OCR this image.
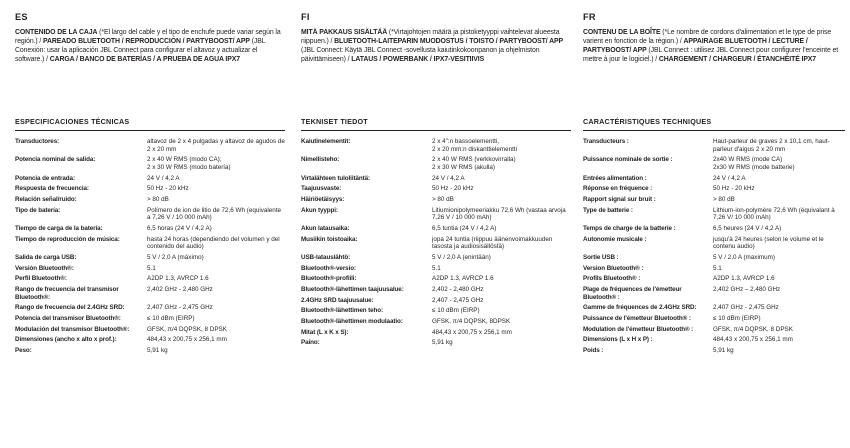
ES

CONTENIDO DE LA CAJA (*El largo del cable y el tipo de enchufe puede variar según la región.) / PAREADO BLUETOOTH / REPRODUCCIÓN / PARTYBOOST/ APP (JBL Conexión: usar la aplicación JBL Connect para configurar el altavoz y actualizar el software.) / CARGA / BANCO DE BATERÍAS / A PRUEBA DE AGUA IPX7

ESPECIFICACIONES TÉCNICAS
Transductores:	altavoz de 2 x 4 pulgadas y altavoz de agudos de 2 x 20 mm
Potencia nominal de salida:	2 x 40 W RMS (modo CA);
2 x 30 W RMS (modo batería)
Potencia de entrada:	24 V / 4,2 A
Respuesta de frecuencia:	50 Hz - 20 kHz
Relación señal/ruido:	> 80 dB
Tipo de batería:	Polímero de ion de litio de 72,6 Wh (equivalente a 7,26 V / 10 000 mAh)
Tiempo de carga de la batería:	6,5 horas (24 V / 4,2 A)
Tiempo de reproducción de música:	hasta 24 horas (dependiendo del volumen y del contenido del audio)
Salida de carga USB:	5 V / 2,0 A (máximo)
Versión Bluetooth®:	5.1
Perfil Bluetooth®:	A2DP 1.3, AVRCP 1.6
Rango de frecuencia del transmisor Bluetooth®:	2,402 GHz - 2,480 GHz
Rango de frecuencia del 2.4GHz SRD:	2,407 GHz - 2,475 GHz
Potencia del transmisor Bluetooth®:	≤ 10 dBm (EIRP)
Modulación del transmisor Bluetooth®:	GFSK, π/4 DQPSK, 8 DPSK
Dimensiones (ancho x alto x prof.):	484,43 x 200,75 x 256,1 mm
Peso:	5,91 kg
FI

MITÄ PAKKAUS SISÄLTÄÄ (*Virtajohtojen määrä ja pistoketyyppi vaihtelevat alueesta riippuen.) / BLUETOOTH-LAITEPARIN MUODOSTUS / TOISTO / PARTYBOOST/ APP (JBL Connect: Käytä JBL Connect -sovellusta kaiutinkokoonpanon ja ohjelmiston päivittämiseen) / LATAUS / POWERBANK / IPX7-VESITIIVIS

TEKNISET TIEDOT
Kaiutinelementit:	2 x 4":n bassoelementti,
2 x 20 mm:n diskanttielementti
Nimellisteho:	2 x 40 W RMS (verkkovirralla)
2 x 30 W RMS (akulla)
Virtalähteen tuloliitäntä:	24 V / 4,2 A
Taajuusvaste:	50 Hz - 20 kHz
Häiriöetäisyys:	> 80 dB
Akun tyyppi:	Litiumionipolymeeriakku 72,6 Wh (vastaa arvoja 7,26 V / 10 000 mAh)
Akun latausaika:	6,5 tuntia (24 V / 4,2 A)
Musiikin toistoaika:	jopa 24 tuntia (riippuu äänenvoimakkuuden tasosta ja audiosisällöstä)
USB-latauslähtö:	5 V / 2,0 A (enintään)
Bluetooth®-versio:	5.1
Bluetooth®-profiili:	A2DP 1.3, AVRCP 1.6
Bluetooth®-lähettimen taajuusalue:	2,402 - 2,480 GHz
2.4GHz SRD taajuusalue:	2,407 - 2,475 GHz
Bluetooth®-lähettimen teho:	≤ 10 dBm (EIRP)
Bluetooth®-lähettimen modulaatio:	GFSK, π/4 DQPSK, 8DPSK
Mitat (L x K x S):	484,43 x 200,75 x 256,1 mm
Paino:	5,91 kg
FR

CONTENU DE LA BOÎTE (*Le nombre de cordons d'alimentation et le type de prise varient en fonction de la région.) / APPAIRAGE BLUETOOTH / LECTURE / PARTYBOOST/ APP (JBL Connect : utilisez JBL Connect pour configurer l'enceinte et mettre à jour le logiciel.) / CHARGEMENT / CHARGEUR / ÉTANCHÉITÉ IPX7

CARACTÉRISTIQUES TECHNIQUES
Transducteurs :	Haut-parleur de graves 2 x 10,1 cm, haut-parleur d'aigus 2 x 20 mm
Puissance nominale de sortie :	2x40 W RMS (mode CA)
2x30 W RMS (mode batterie)
Entrées alimentation :	24 V / 4,2 A
Réponse en fréquence :	50 Hz - 20 kHz
Rapport signal sur bruit :	> 80 dB
Type de batterie :	Lithium-ion-polymère 72,6 Wh (équivalant à 7,26 V/ 10 000 mAh)
Temps de charge de la batterie :	6,5 heures (24 V / 4,2 A)
Autonomie musicale :	jusqu'à 24 heures (selon le volume et le contenu audio)
Sortie USB :	5 V / 2,0 A (maximum)
Version Bluetooth® :	5.1
Profils Bluetooth® :	A2DP 1.3, AVRCP 1.6
Plage de fréquences de l'émetteur Bluetooth® :	2,402 GHz – 2,480 GHz
Gamme de fréquences de 2.4GHz SRD:	2,407 GHz - 2,475 GHz
Puissance de l'émetteur Bluetooth® :	≤ 10 dBm (EIRP)
Modulation de l'émetteur Bluetooth® :	GFSK, π/4 DQPSK, 8 DPSK
Dimensions (L x H x P) :	484,43 x 200,75 x 256,1 mm
Poids :	5,91 kg
